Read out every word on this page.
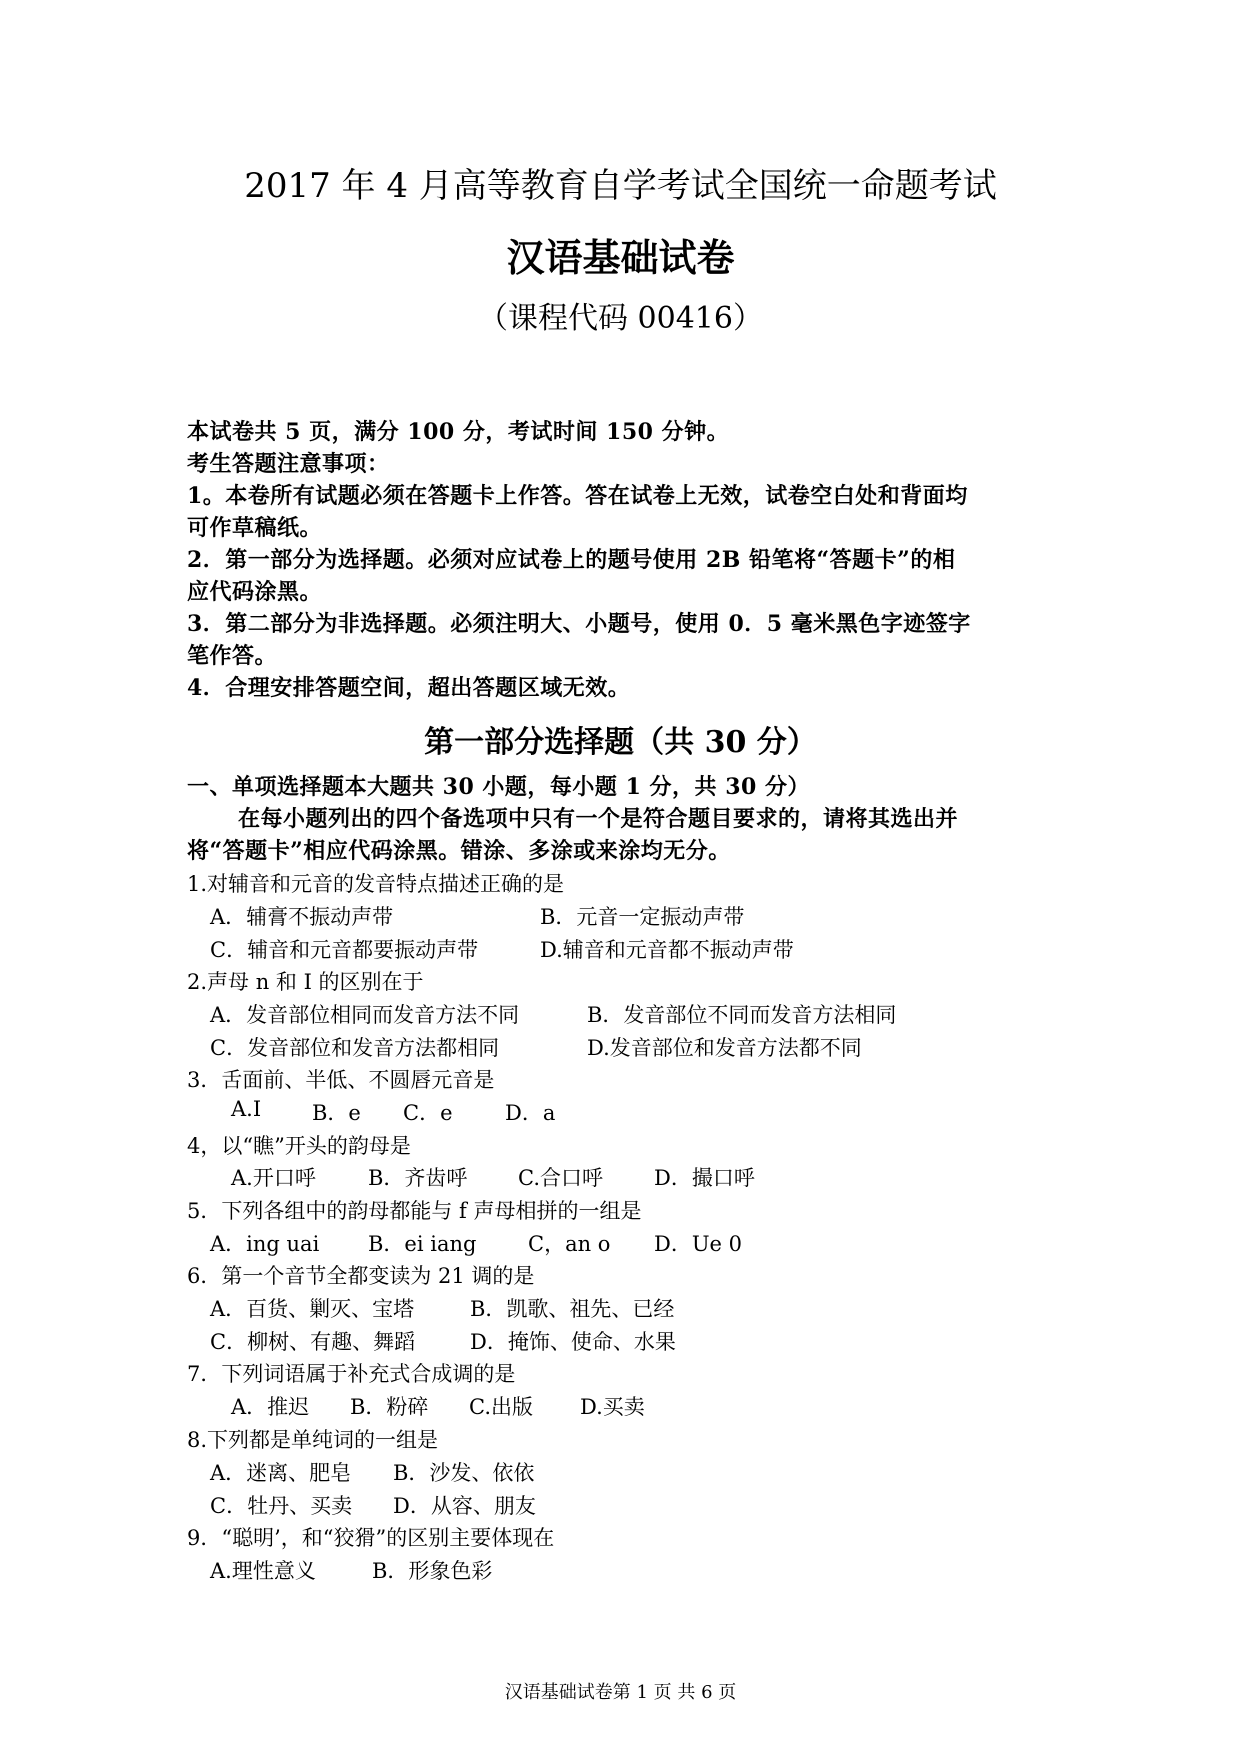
2017 年 4 月高等教育自学考试全国统一命题考试
汉语基础试卷
（课程代码 00416）
本试卷共 5 页，满分 100 分，考试时间 150 分钟。
考生答题注意事项：
1。本卷所有试题必须在答题卡上作答。答在试卷上无效，试卷空白处和背面均
可作草稿纸。
2．第一部分为选择题。必须对应试卷上的题号使用 2B 铅笔将“答题卡”的相
应代码涂黑。
3．第二部分为非选择题。必须注明大、小题号，使用 0．5 毫米黑色字迹签字
笔作答。
4．合理安排答题空间，超出答题区域无效。
第一部分选择题（共 30 分）
一、单项选择题本大题共 30 小题，每小题 1 分，共 30 分）
在每小题列出的四个备选项中只有一个是符合题目要求的，请将其选出并
将“答题卡”相应代码涂黑。错涂、多涂或来涂均无分。
1.对辅音和元音的发音特点描述正确的是
A．辅膏不振动声带	B．元音一定振动声带
C．辅音和元音都要振动声带	D.辅音和元音都不振动声带
2.声母 n 和 I 的区别在于
A．发音部位相同而发音方法不同	B．发音部位不同而发音方法相同
C．发音部位和发音方法都相同	D.发音部位和发音方法都不同
3．舌面前、半低、不圆唇元音是
A.I B．e C．e	D．a
4，以“瞧”开头的韵母是
A.开口呼 B．齐齿呼 C.合口呼 D．撮口呼
5．下列各组中的韵母都能与 f 声母相拼的一组是
A．ing uai B．ei iang C，an o D．Ue 0
6．第一个音节全都变读为 21 调的是
A．百货、剿灭、宝塔	B．凯歌、祖先、已经
C．柳树、有趣、舞蹈	D．掩饰、使命、水果
7．下列词语属于补充式合成调的是
A．推迟 B．粉碎 C.出版 D.买卖
8.下列都是单纯词的一组是
A．迷离、肥皂 B．沙发、依依
C．牡丹、买卖 D．从容、朋友
9．“聪明’，和“狡猾”的区别主要体现在
A.理性意义	B．形象色彩
汉语基础试卷第 1 页 共 6 页
